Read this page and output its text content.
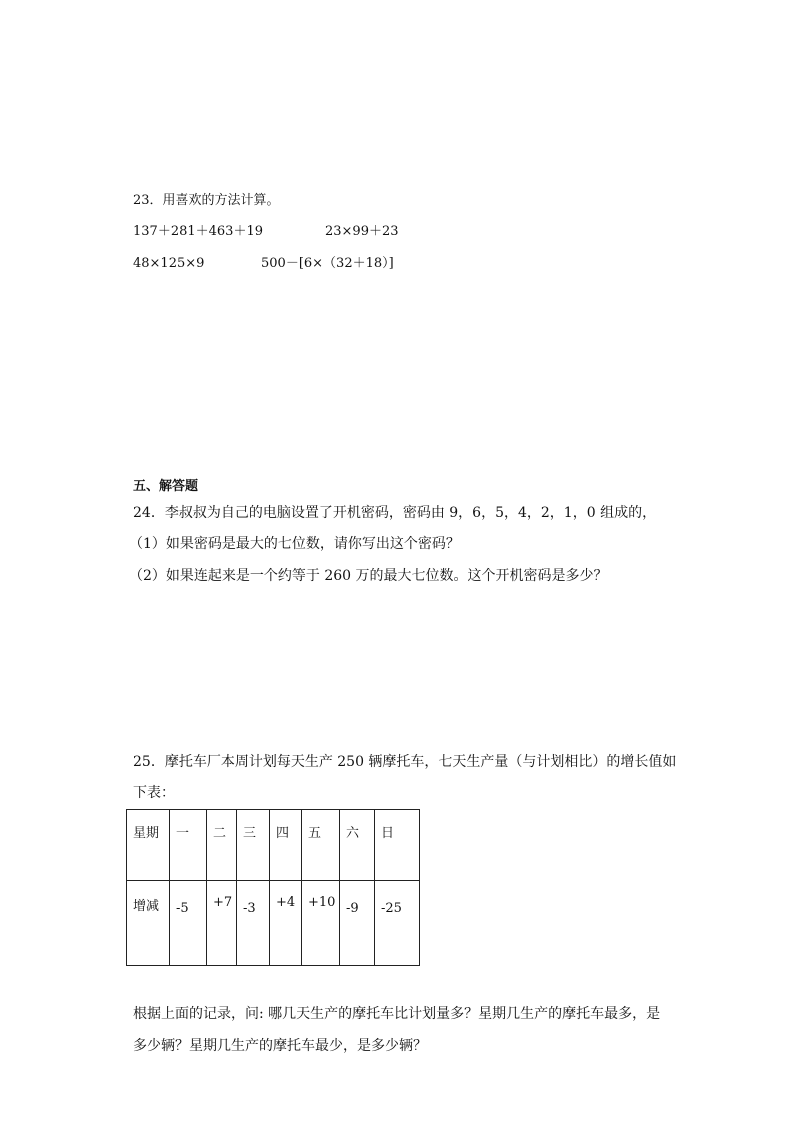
23．用喜欢的方法计算。
137＋281＋463＋19	23×99＋23
48×125×9	500－[6×（32＋18）]
五、解答题
24．李叔叔为自己的电脑设置了开机密码，密码由 9，6，5，4，2，1，0 组成的，
（1）如果密码是最大的七位数，请你写出这个密码？
（2）如果连起来是一个约等于 260 万的最大七位数。这个开机密码是多少？
25．摩托车厂本周计划每天生产 250 辆摩托车，七天生产量（与计划相比）的增长值如
下表：
星期	一	二	三	四	五	六	日

增减	-5	+7	-3	+4	+10	-9	-25
根据上面的记录，问: 哪几天生产的摩托车比计划量多？星期几生产的摩托车最多，是
多少辆？星期几生产的摩托车最少，是多少辆？
